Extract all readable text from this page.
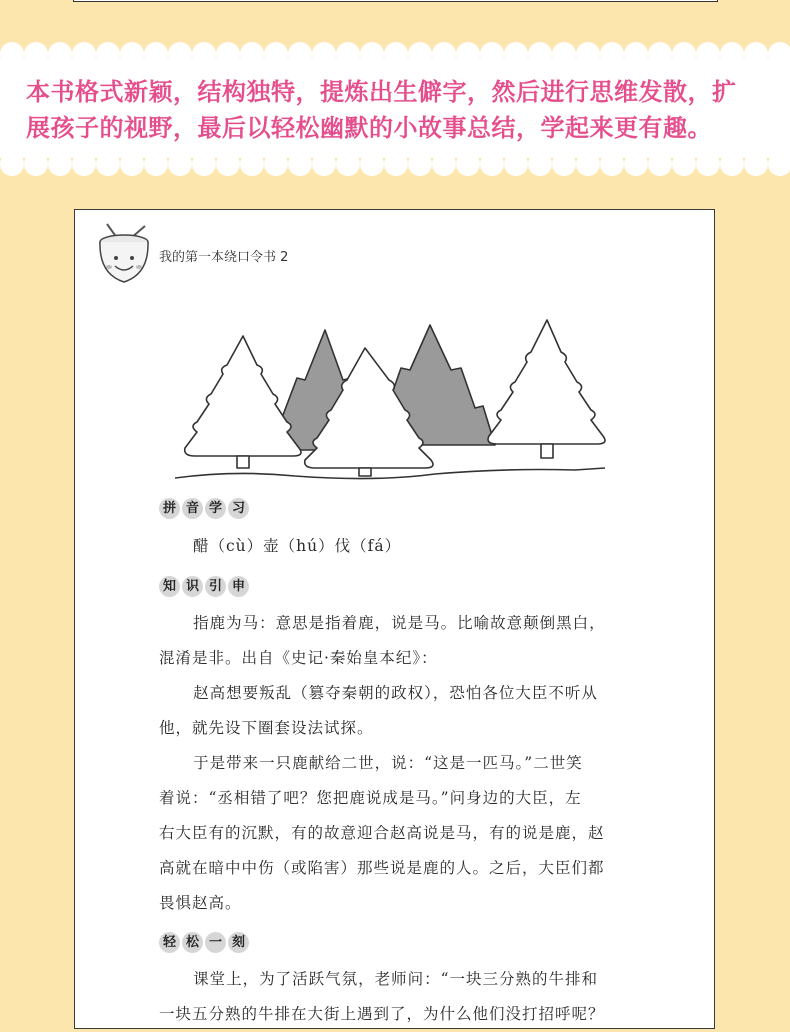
本书格式新颖，结构独特，提炼出生僻字，然后进行思维发散，扩
展孩子的视野，最后以轻松幽默的小故事总结，学起来更有趣。
我的第一本绕口令书 2
拼 音 学 习
醋（cù）壶（hú）伐（fá）
知 识 引 申
指鹿为马：意思是指着鹿，说是马。比喻故意颠倒黑白，
混淆是非。出自《史记·秦始皇本纪》：
赵高想要叛乱（篡夺秦朝的政权），恐怕各位大臣不听从
他，就先设下圈套设法试探。
于是带来一只鹿献给二世，说：“这是一匹马。”二世笑
着说：“丞相错了吧？您把鹿说成是马。”问身边的大臣，左
右大臣有的沉默，有的故意迎合赵高说是马，有的说是鹿，赵
高就在暗中中伤（或陷害）那些说是鹿的人。之后，大臣们都
畏惧赵高。
轻 松 一 刻
课堂上，为了活跃气氛，老师问：“一块三分熟的牛排和
一块五分熟的牛排在大街上遇到了，为什么他们没打招呼呢？
